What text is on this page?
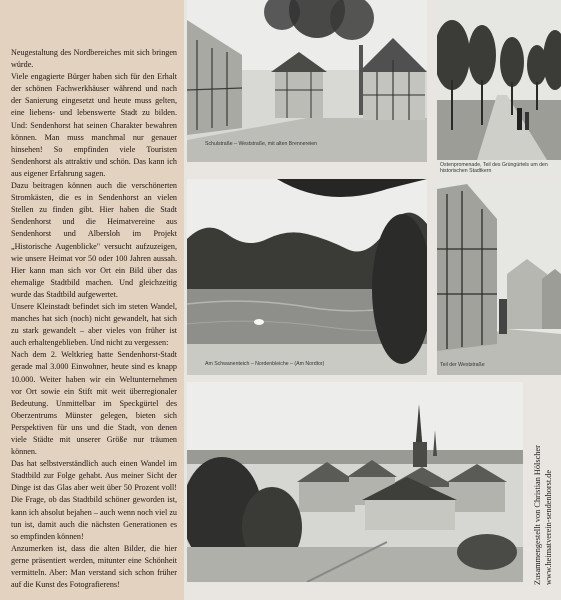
Neugestaltung des Nordbereiches mit sich bringen würde.

Viele engagierte Bürger haben sich für den Erhalt der schönen Fachwerkhäuser während und nach der Sanierung eingesetzt und heute muss gelten, eine liebens- und lebenswerte Stadt zu bilden. Und: Sendenhorst hat seinen Charakter bewahren können. Man muss manchmal nur genauer hinsehen! So empfinden viele Touristen Sendenhorst als attraktiv und schön. Das kann ich aus eigener Erfahrung sagen.

Dazu beitragen können auch die verschönerten Stromkästen, die es in Sendenhorst an vielen Stellen zu finden gibt. Hier haben die Stadt Sendenhorst und die Heimatvereine aus Sendenhorst und Albersloh im Projekt „Historische Augenblicke" versucht aufzuzeigen, wie unsere Heimat vor 50 oder 100 Jahren aussah. Hier kann man sich vor Ort ein Bild über das ehemalige Stadtbild machen. Und gleichzeitig wurde das Stadtbild aufgewertet.

Unsere Kleinstadt befindet sich im steten Wandel, manches hat sich (noch) nicht gewandelt, hat sich zu stark gewandelt – aber vieles von früher ist auch erhaltengeblieben. Und nicht zu vergessen:

Nach dem 2. Weltkrieg hatte Sendenhorst-Stadt gerade mal 3.000 Einwohner, heute sind es knapp 10.000. Weiter haben wir ein Weltunternehmen vor Ort sowie ein Stift mit weit überregionaler Bedeutung. Unmittelbar im Speckgürtel des Oberzentrums Münster gelegen, bieten sich Perspektiven für uns und die Stadt, von denen viele Städte mit unserer Größe nur träumen können.

Das hat selbstverständlich auch einen Wandel im Stadtbild zur Folge gehabt. Aus meiner Sicht der Dinge ist das Glas aber weit über 50 Prozent voll! Die Frage, ob das Stadtbild schöner geworden ist, kann ich absolut bejahen – auch wenn noch viel zu tun ist, damit auch die nächsten Generationen es so empfinden können!

Anzumerken ist, dass die alten Bilder, die hier gerne präsentiert werden, mitunter eine Schönheit vermitteln. Aber: Man verstand sich schon früher auf die Kunst des Fotografierens!

Schulstraße – Weststraße, mit alten Brennereien
Ostenpromenade, Teil des Grüngürtels um den historischen Stadtkern
Am Schwanenteich – Nordenbleiche – (Am Nordtor)	Teil der Weststraße
Zusammengestellt von Christian Hölscher www.heimatverein-sendenhorst.de
